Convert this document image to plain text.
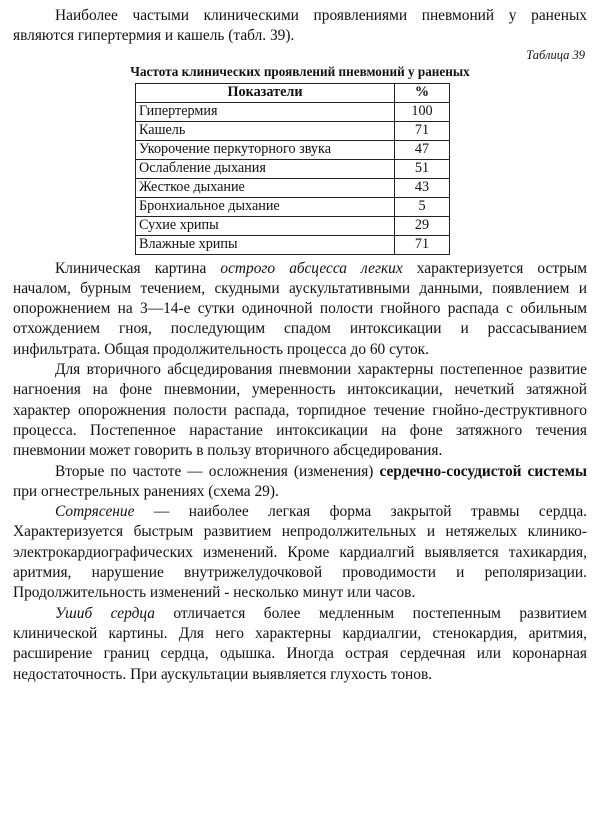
Наиболее частыми клиническими проявлениями пневмоний у раненых являются гипертермия и кашель (табл. 39).

Таблица 39

Частота клинических проявлений пневмоний у раненых

Показатели	%
Гипертермия	100
Кашель	71
Укорочение перкуторного звука	47
Ослабление дыхания	51
Жесткое дыхание	43
Бронхиальное дыхание	5
Сухие хрипы	29
Влажные хрипы	71

Клиническая картина острого абсцесса легких характеризуется острым началом, бурным течением, скудными аускультативными данными, появлением и опорожнением на 3—14-е сутки одиночной полости гнойного распада с обильным отхождением гноя, последующим спадом интоксикации и рассасыванием инфильтрата. Общая продолжительность процесса до 60 суток.

Для вторичного абсцедирования пневмонии характерны постепенное развитие нагноения на фоне пневмонии, умеренность интоксикации, нечеткий затяжной характер опорожнения полости распада, торпидное течение гнойно-деструктивного процесса. Постепенное нарастание интоксикации на фоне затяжного течения пневмонии может говорить в пользу вторичного абсцедирования.

Вторые по частоте — осложнения (изменения) сердечно-сосудистой системы при огнестрельных ранениях (схема 29).

Сотрясение — наиболее легкая форма закрытой травмы сердца. Характеризуется быстрым развитием непродолжительных и нетяжелых клинико-электрокардиографических изменений. Кроме кардиалгий выявляется тахикардия, аритмия, нарушение внутрижелудочковой проводимости и реполяризации. Продолжительность изменений - несколько минут или часов.

Ушиб сердца отличается более медленным постепенным развитием клинической картины. Для него характерны кардиалгии, стенокардия, аритмия, расширение границ сердца, одышка. Иногда острая сердечная или коронарная недостаточность. При аускультации выявляется глухость тонов.
